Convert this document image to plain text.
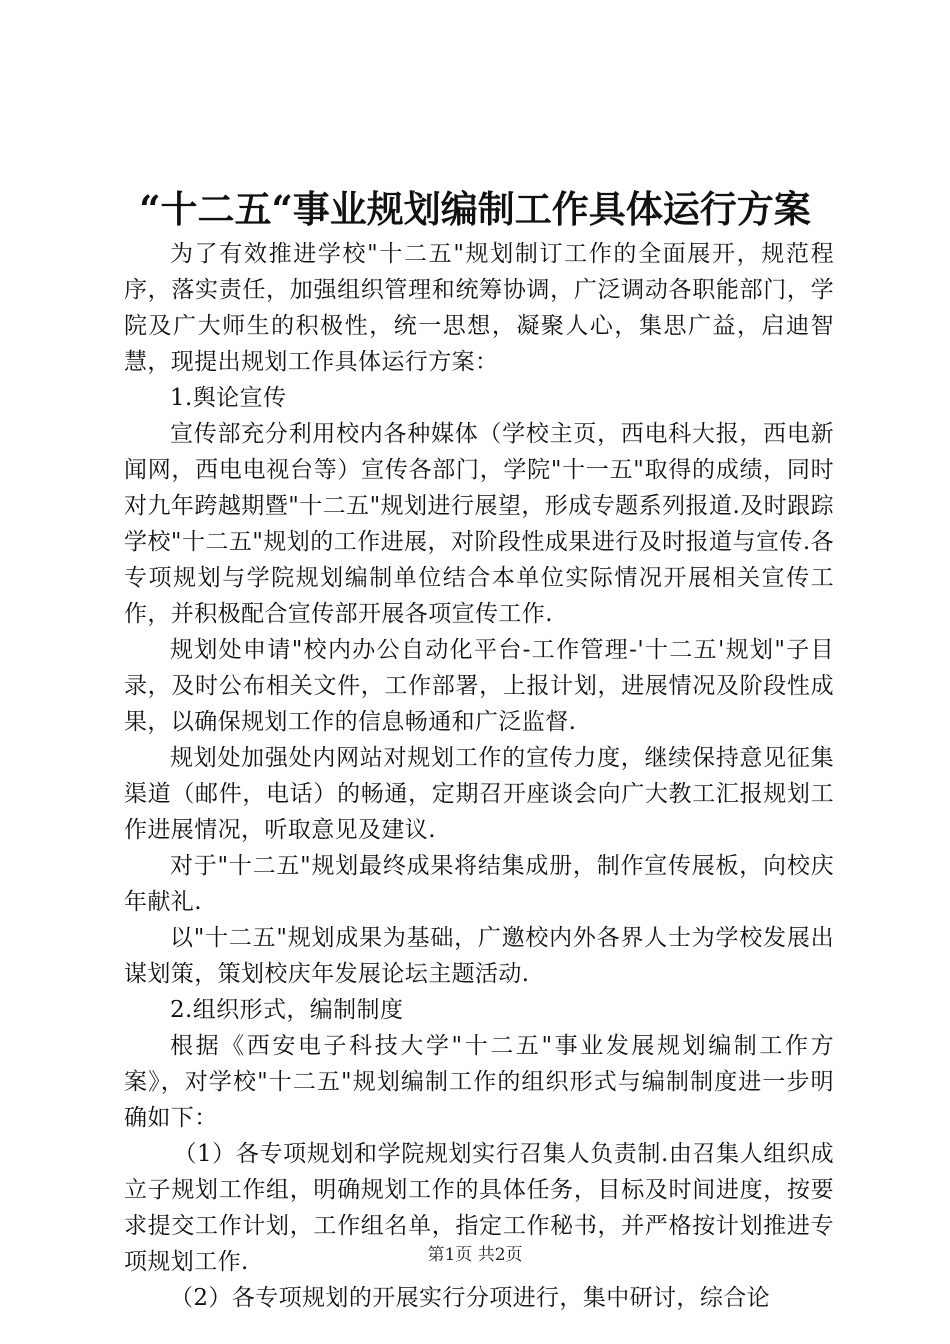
“十二五“事业规划编制工作具体运行方案

为了有效推进学校"十二五"规划制订工作的全面展开，规范程序，落实责任，加强组织管理和统筹协调，广泛调动各职能部门，学院及广大师生的积极性，统一思想，凝聚人心，集思广益，启迪智慧，现提出规划工作具体运行方案：

1.舆论宣传

宣传部充分利用校内各种媒体（学校主页，西电科大报，西电新闻网，西电电视台等）宣传各部门，学院"十一五"取得的成绩，同时对九年跨越期暨"十二五"规划进行展望，形成专题系列报道.及时跟踪学校"十二五"规划的工作进展，对阶段性成果进行及时报道与宣传.各专项规划与学院规划编制单位结合本单位实际情况开展相关宣传工作，并积极配合宣传部开展各项宣传工作.

规划处申请"校内办公自动化平台-工作管理-'十二五'规划"子目录，及时公布相关文件，工作部署，上报计划，进展情况及阶段性成果，以确保规划工作的信息畅通和广泛监督.

规划处加强处内网站对规划工作的宣传力度，继续保持意见征集渠道（邮件，电话）的畅通，定期召开座谈会向广大教工汇报规划工作进展情况，听取意见及建议.

对于"十二五"规划最终成果将结集成册，制作宣传展板，向校庆年献礼.

以"十二五"规划成果为基础，广邀校内外各界人士为学校发展出谋划策，策划校庆年发展论坛主题活动.

2.组织形式，编制制度

根据《西安电子科技大学"十二五"事业发展规划编制工作方案》，对学校"十二五"规划编制工作的组织形式与编制制度进一步明确如下：

（1）各专项规划和学院规划实行召集人负责制.由召集人组织成立子规划工作组，明确规划工作的具体任务，目标及时间进度，按要求提交工作计划，工作组名单，指定工作秘书，并严格按计划推进专项规划工作.

（2）各专项规划的开展实行分项进行，集中研讨，综合论

第1页 共2页
